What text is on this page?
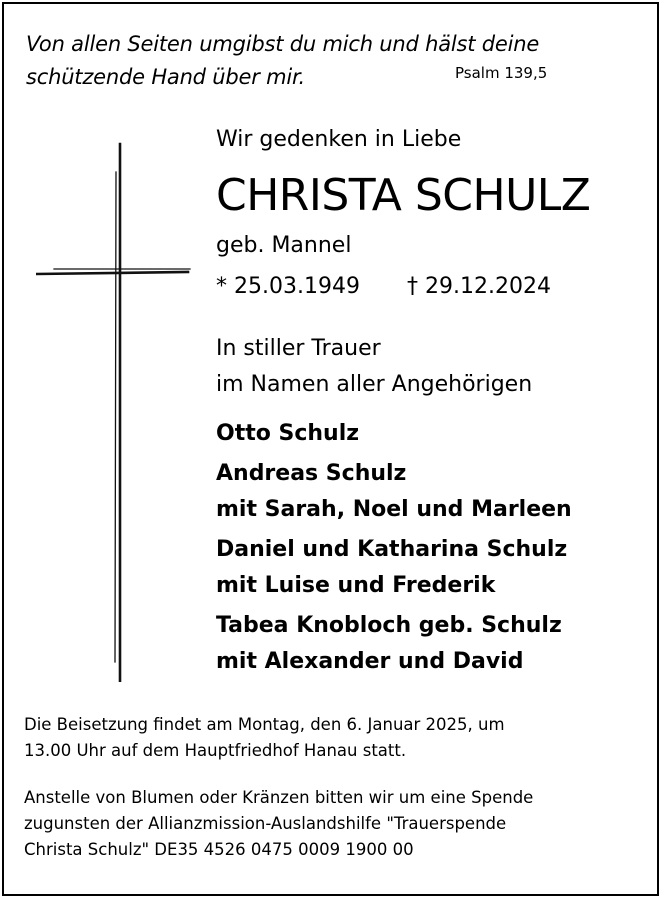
Von allen Seiten umgibst du mich und hälst deine
schützende Hand über mir.	Psalm 139,5
Wir gedenken in Liebe
CHRISTA SCHULZ
geb. Mannel
* 25.03.1949 † 29.12.2024
In stiller Trauer
im Namen aller Angehörigen
Otto Schulz
Andreas Schulz
mit Sarah, Noel und Marleen
Daniel und Katharina Schulz
mit Luise und Frederik
Tabea Knobloch geb. Schulz
mit Alexander und David
Die Beisetzung findet am Montag, den 6. Januar 2025, um
13.00 Uhr auf dem Hauptfriedhof Hanau statt.
Anstelle von Blumen oder Kränzen bitten wir um eine Spende
zugunsten der Allianzmission-Auslandshilfe "Trauerspende
Christa Schulz" DE35 4526 0475 0009 1900 00
